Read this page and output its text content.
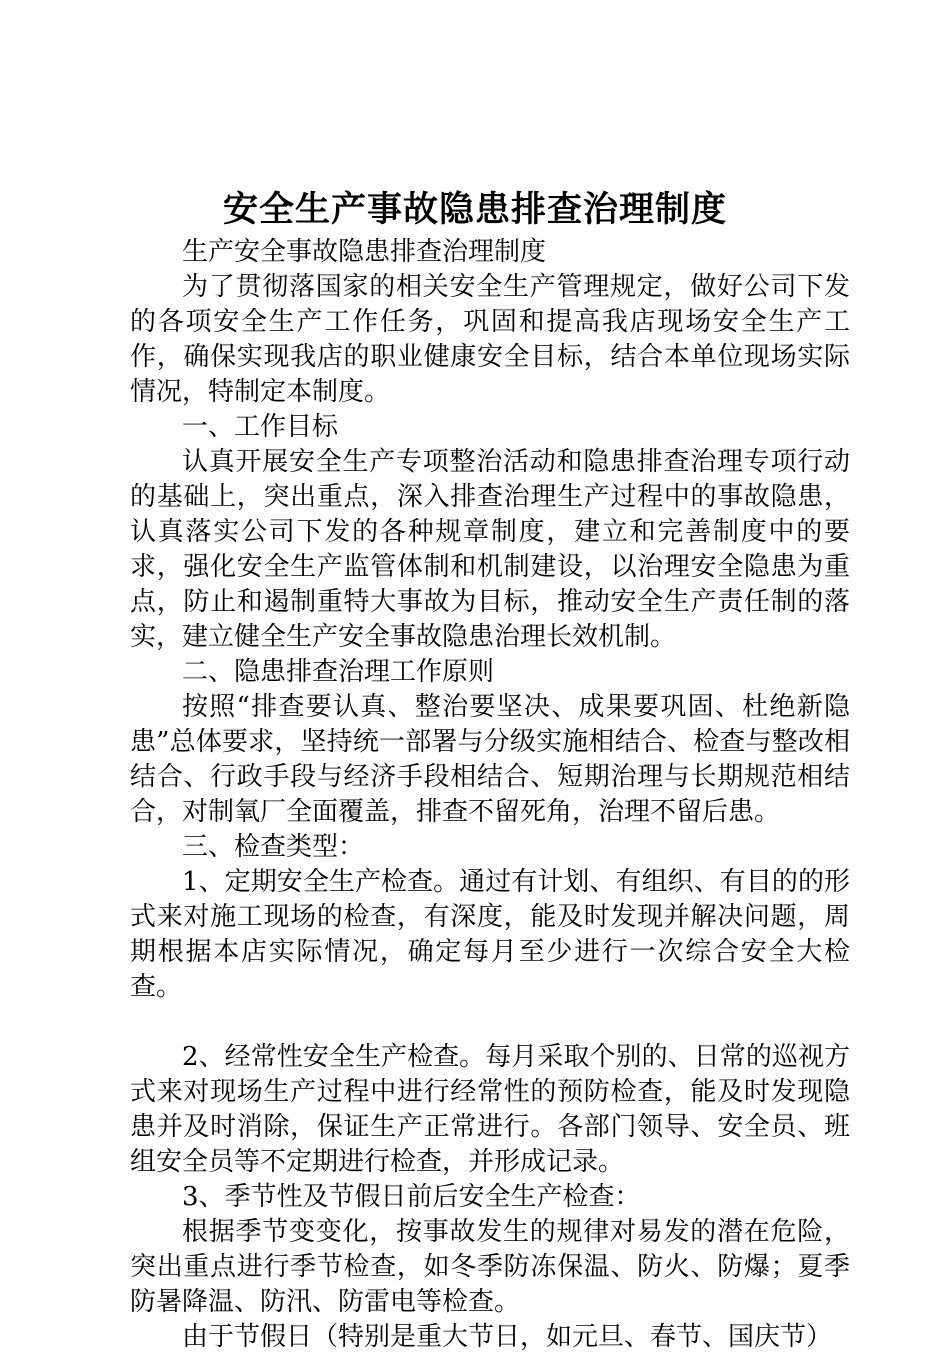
安全生产事故隐患排查治理制度

生产安全事故隐患排查治理制度

为了贯彻落国家的相关安全生产管理规定，做好公司下发的各项安全生产工作任务，巩固和提高我店现场安全生产工作，确保实现我店的职业健康安全目标，结合本单位现场实际情况，特制定本制度。

一、工作目标

认真开展安全生产专项整治活动和隐患排查治理专项行动的基础上，突出重点，深入排查治理生产过程中的事故隐患，认真落实公司下发的各种规章制度，建立和完善制度中的要求，强化安全生产监管体制和机制建设，以治理安全隐患为重点，防止和遏制重特大事故为目标，推动安全生产责任制的落实，建立健全生产安全事故隐患治理长效机制。

二、隐患排查治理工作原则

按照“排查要认真、整治要坚决、成果要巩固、杜绝新隐患”总体要求，坚持统一部署与分级实施相结合、检查与整改相结合、行政手段与经济手段相结合、短期治理与长期规范相结合，对制氧厂全面覆盖，排查不留死角，治理不留后患。

三、检查类型：

1、定期安全生产检查。通过有计划、有组织、有目的的形式来对施工现场的检查，有深度，能及时发现并解决问题，周期根据本店实际情况，确定每月至少进行一次综合安全大检查。

2、经常性安全生产检查。每月采取个别的、日常的巡视方式来对现场生产过程中进行经常性的预防检查，能及时发现隐患并及时消除，保证生产正常进行。各部门领导、安全员、班组安全员等不定期进行检查，并形成记录。

3、季节性及节假日前后安全生产检查：

根据季节变变化，按事故发生的规律对易发的潜在危险，突出重点进行季节检查，如冬季防冻保温、防火、防爆；夏季防暑降温、防汛、防雷电等检查。

由于节假日（特别是重大节日，如元旦、春节、国庆节）
